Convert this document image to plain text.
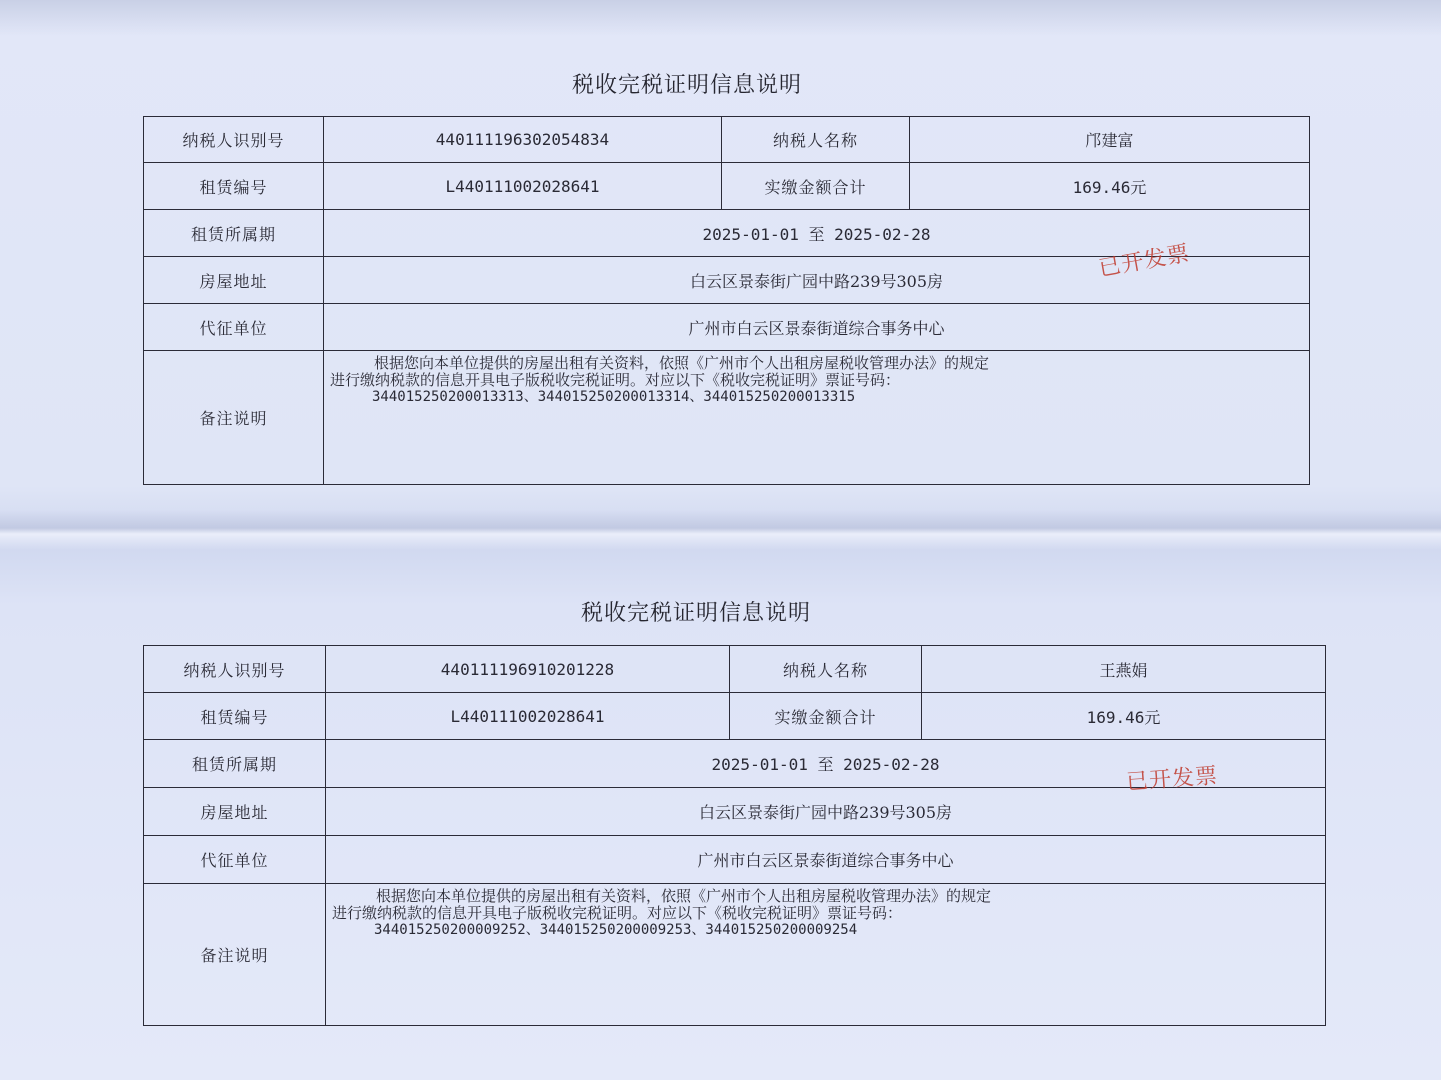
税收完税证明信息说明
纳税人识别号	440111196302054834	纳税人名称	邝建富
租赁编号	L440111002028641	实缴金额合计	169.46元
租赁所属期	2025-01-01 至 2025-02-28		
房屋地址	白云区景泰街广园中路239号305房		
代征单位	广州市白云区景泰街道综合事务中心		
备注说明	根据您向本单位提供的房屋出租有关资料，依照《广州市个人出租房屋税收管理办法》的规定
进行缴纳税款的信息开具电子版税收完税证明。对应以下《税收完税证明》票证号码：
344015250200013313、344015250200013314、344015250200013315		
已开发票
税收完税证明信息说明
纳税人识别号	440111196910201228	纳税人名称	王燕娟
租赁编号	L440111002028641	实缴金额合计	169.46元
租赁所属期	2025-01-01 至 2025-02-28		
房屋地址	白云区景泰街广园中路239号305房		
代征单位	广州市白云区景泰街道综合事务中心		
备注说明	根据您向本单位提供的房屋出租有关资料，依照《广州市个人出租房屋税收管理办法》的规定
进行缴纳税款的信息开具电子版税收完税证明。对应以下《税收完税证明》票证号码：
344015250200009252、344015250200009253、344015250200009254		
已开发票
